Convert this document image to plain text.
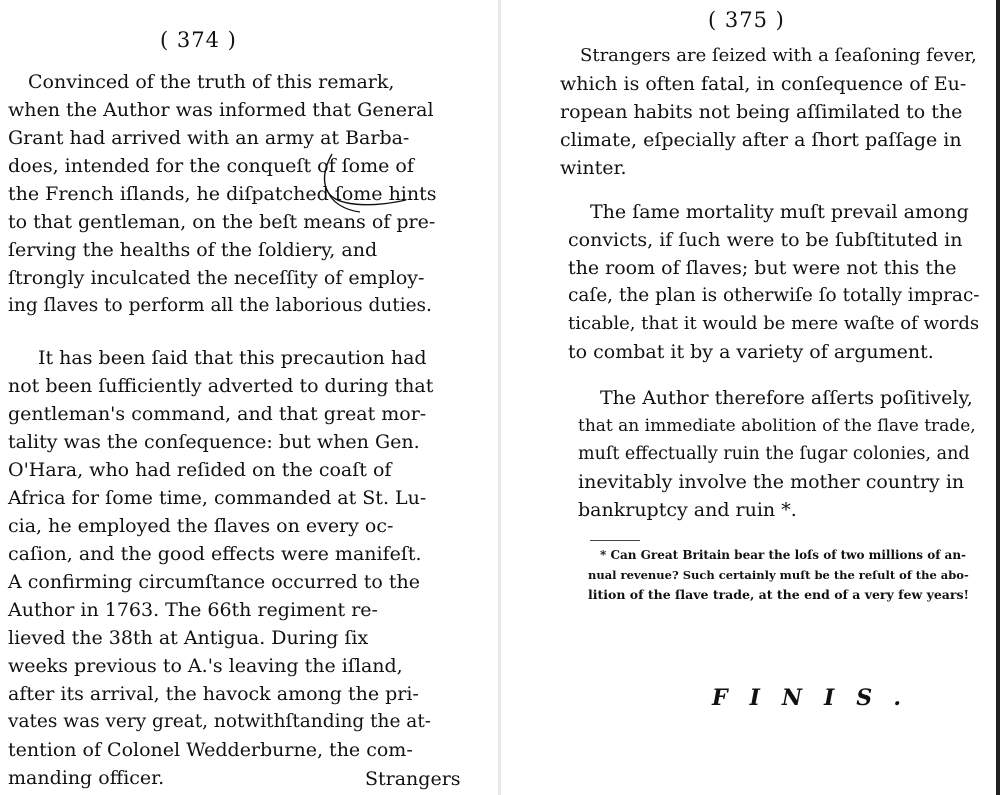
( 374 )
Convinced of the truth of this remark,
when the Author was informed that General
Grant had arrived with an army at Barba-
does, intended for the conqueſt of ſome of
the French iſlands, he diſpatched ſome hints
to that gentleman, on the beſt means of pre-
ſerving the healths of the ſoldiery, and
ſtrongly inculcated the neceſſity of employ-
ing ſlaves to perform all the laborious duties.
It has been ſaid that this precaution had
not been ſufficiently adverted to during that
gentleman's command, and that great mor-
tality was the conſequence: but when Gen.
O'Hara, who had reſided on the coaſt of
Africa for ſome time, commanded at St. Lu-
cia, he employed the ſlaves on every oc-
caſion, and the good effects were manifeſt.
A confirming circumſtance occurred to the
Author in 1763. The 66th regiment re-
lieved the 38th at Antigua. During ſix
weeks previous to A.'s leaving the iſland,
after its arrival, the havock among the pri-
vates was very great, notwithſtanding the at-
tention of Colonel Wedderburne, the com-
manding officer.	Strangers
( 375 )
Strangers are ſeized with a ſeaſoning fever,
which is often fatal, in conſequence of Eu-
ropean habits not being aſſimilated to the
climate, eſpecially after a ſhort paſſage in
winter.
The ſame mortality muſt prevail among
convicts, if ſuch were to be ſubſtituted in
the room of ſlaves; but were not this the
caſe, the plan is otherwiſe ſo totally imprac-
ticable, that it would be mere waſte of words
to combat it by a variety of argument.
The Author therefore aſſerts poſitively,
that an immediate abolition of the ſlave trade,
muſt effectually ruin the ſugar colonies, and
inevitably involve the mother country in
bankruptcy and ruin *.
* Can Great Britain bear the loſs of two millions of an-
nual revenue? Such certainly muſt be the reſult of the abo-
lition of the ſlave trade, at the end of a very few years!
FINIS.
